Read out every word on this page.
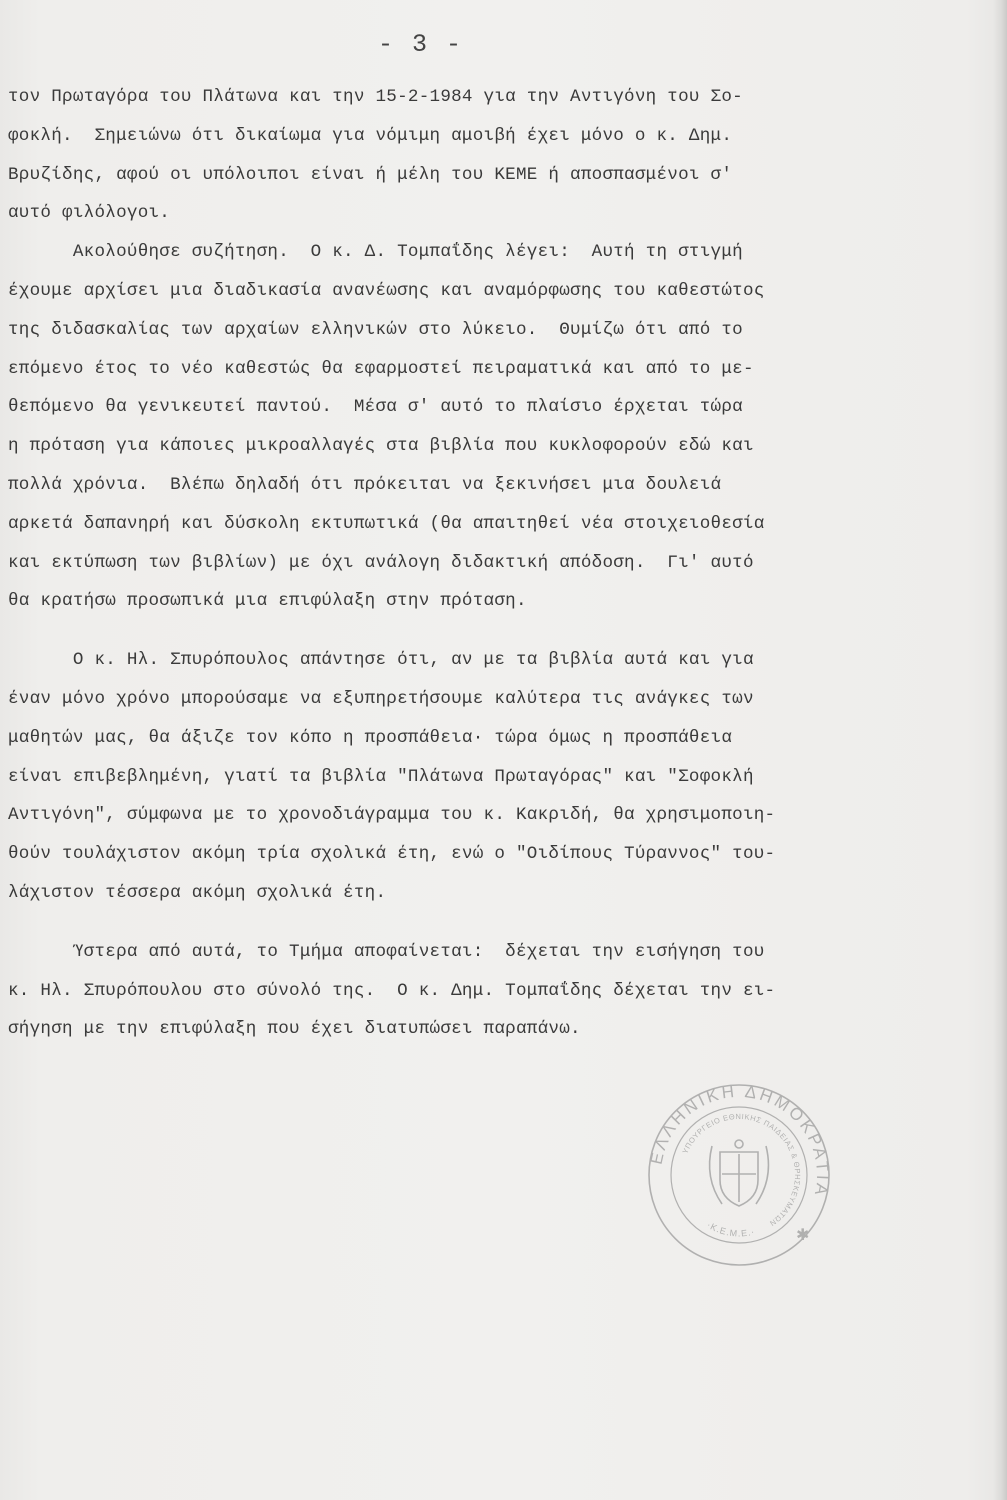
- 3 -
τον Πρωταγόρα του Πλάτωνα και την 15-2-1984 για την Αντιγόνη του Σο-
φοκλή.  Σημειώνω ότι δικαίωμα για νόμιμη αμοιβή έχει μόνο ο κ. Δημ.
Βρυζίδης, αφού οι υπόλοιποι είναι ή μέλη του ΚΕΜΕ ή αποσπασμένοι σ'
αυτό φιλόλογοι.
Ακολούθησε συζήτηση.  Ο κ. Δ. Τομπαΐδης λέγει:  Αυτή τη στιγμή
έχουμε αρχίσει μια διαδικασία ανανέωσης και αναμόρφωσης του καθεστώτος
της διδασκαλίας των αρχαίων ελληνικών στο λύκειο.  Θυμίζω ότι από το
επόμενο έτος το νέο καθεστώς θα εφαρμοστεί πειραματικά και από το με-
θεπόμενο θα γενικευτεί παντού.  Μέσα σ' αυτό το πλαίσιο έρχεται τώρα
η πρόταση για κάποιες μικροαλλαγές στα βιβλία που κυκλοφορούν εδώ και
πολλά χρόνια.  Βλέπω δηλαδή ότι πρόκειται να ξεκινήσει μια δουλειά
αρκετά δαπανηρή και δύσκολη εκτυπωτικά (θα απαιτηθεί νέα στοιχειοθεσία
και εκτύπωση των βιβλίων) με όχι ανάλογη διδακτική απόδοση.  Γι' αυτό
θα κρατήσω προσωπικά μια επιφύλαξη στην πρόταση.
Ο κ. Ηλ. Σπυρόπουλος απάντησε ότι, αν με τα βιβλία αυτά και για
έναν μόνο χρόνο μπορούσαμε να εξυπηρετήσουμε καλύτερα τις ανάγκες των
μαθητών μας, θα άξιζε τον κόπο η προσπάθεια· τώρα όμως η προσπάθεια
είναι επιβεβλημένη, γιατί τα βιβλία "Πλάτωνα Πρωταγόρας" και "Σοφοκλή
Αντιγόνη", σύμφωνα με το χρονοδιάγραμμα του κ. Κακριδή, θα χρησιμοποιη-
θούν τουλάχιστον ακόμη τρία σχολικά έτη, ενώ ο "Οιδίπους Τύραννος" του-
λάχιστον τέσσερα ακόμη σχολικά έτη.
Ύστερα από αυτά, το Τμήμα αποφαίνεται:  δέχεται την εισήγηση του
κ. Ηλ. Σπυρόπουλου στο σύνολό της.  Ο κ. Δημ. Τομπαΐδης δέχεται την ει-
σήγηση με την επιφύλαξη που έχει διατυπώσει παραπάνω.
ΕΛΛΗΝΙΚΗ ΔΗΜΟΚΡΑΤΙΑ
ΥΠΟΥΡΓΕΙΟ ΕΘΝΙΚΗΣ ΠΑΙΔΕΙΑΣ & ΘΡΗΣΚΕΥΜΑΤΩΝ
·Κ.Ε.Μ.Ε.· ✱
